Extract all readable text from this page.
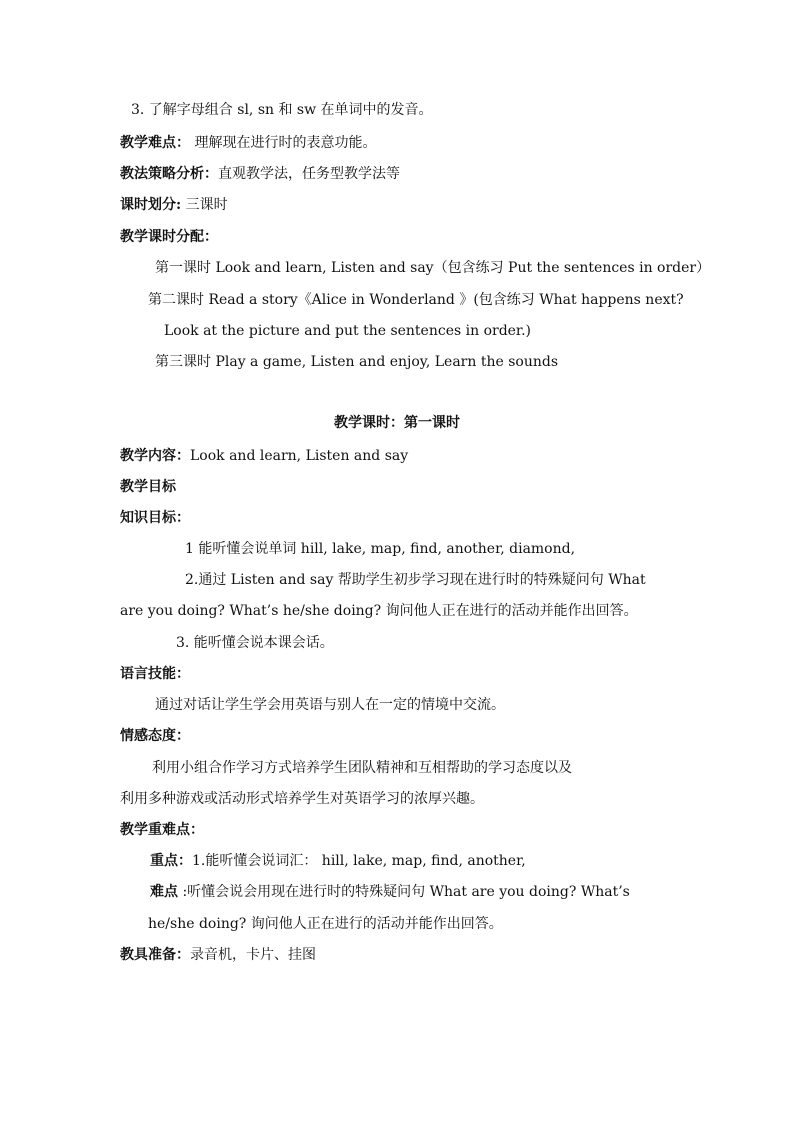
3. 了解字母组合 sl, sn 和 sw 在单词中的发音。
教学难点： 理解现在进行时的表意功能。
教法策略分析：直观教学法，任务型教学法等
课时划分: 三课时
教学课时分配：
第一课时 Look and learn, Listen and say（包含练习 Put the sentences in order）
第二课时 Read a story《Alice in Wonderland 》(包含练习 What happens next?
Look at the picture and put the sentences in order.)
第三课时 Play a game, Listen and enjoy, Learn the sounds
教学课时：第一课时
教学内容：Look and learn, Listen and say
教学目标
知识目标：
1 能听懂会说单词 hill, lake, map, find, another, diamond,
2.通过 Listen and say 帮助学生初步学习现在进行时的特殊疑问句 What
are you doing? What’s he/she doing? 询问他人正在进行的活动并能作出回答。
3. 能听懂会说本课会话。
语言技能：
通过对话让学生学会用英语与别人在一定的情境中交流。
情感态度：
利用小组合作学习方式培养学生团队精神和互相帮助的学习态度以及
利用多种游戏或活动形式培养学生对英语学习的浓厚兴趣。
教学重难点：
重点：1.能听懂会说词汇： hill, lake, map, find, another,
难点 :听懂会说会用现在进行时的特殊疑问句 What are you doing? What’s
he/she doing? 询问他人正在进行的活动并能作出回答。
教具准备：录音机，卡片、挂图
